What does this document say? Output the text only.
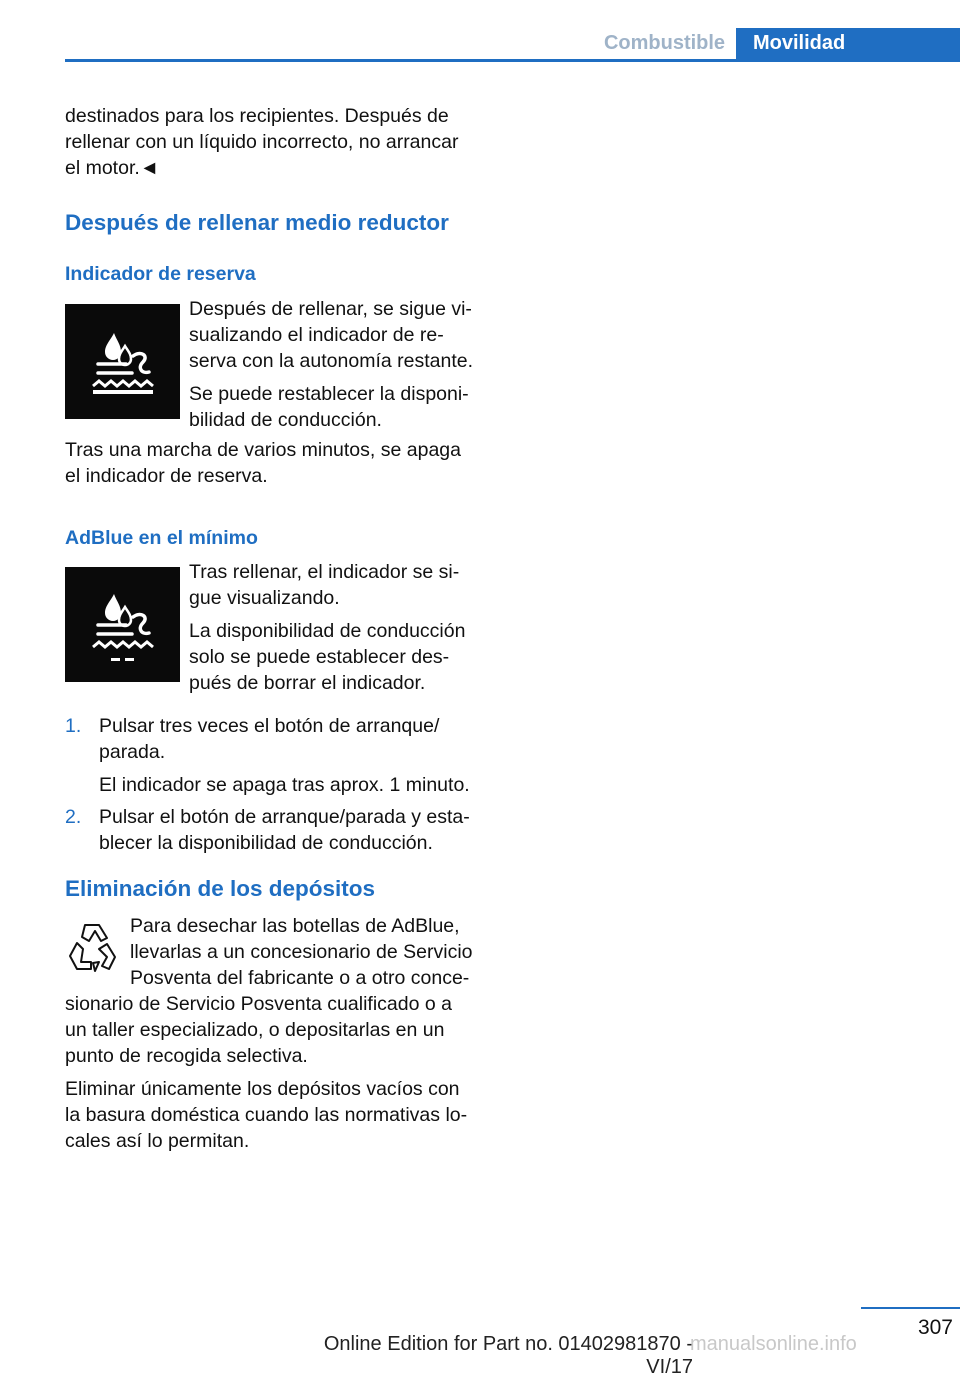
Combustible	Movilidad

destinados para los recipientes. Después de

rellenar con un líquido incorrecto, no arrancar

el motor.◄

Después de rellenar medio reductor

Indicador de reserva

Después de rellenar, se sigue vi-

sualizando el indicador de re-

serva con la autonomía restante.

Se puede restablecer la disponi-

bilidad de conducción.

Tras una marcha de varios minutos, se apaga

el indicador de reserva.

AdBlue en el mínimo

Tras rellenar, el indicador se si-

gue visualizando.

La disponibilidad de conducción

solo se puede establecer des-

pués de borrar el indicador.

1. Pulsar tres veces el botón de arranque/

parada.

El indicador se apaga tras aprox. 1 minuto.

2. Pulsar el botón de arranque/parada y esta-

blecer la disponibilidad de conducción.

Eliminación de los depósitos

Para desechar las botellas de AdBlue,

llevarlas a un concesionario de Servicio

Posventa del fabricante o a otro conce-

sionario de Servicio Posventa cualificado o a

un taller especializado, o depositarlas en un

punto de recogida selectiva.

Eliminar únicamente los depósitos vacíos con

la basura doméstica cuando las normativas lo-

cales así lo permitan.

307
Online Edition for Part no. 01402981870 - VI/17
manualsonline.info
